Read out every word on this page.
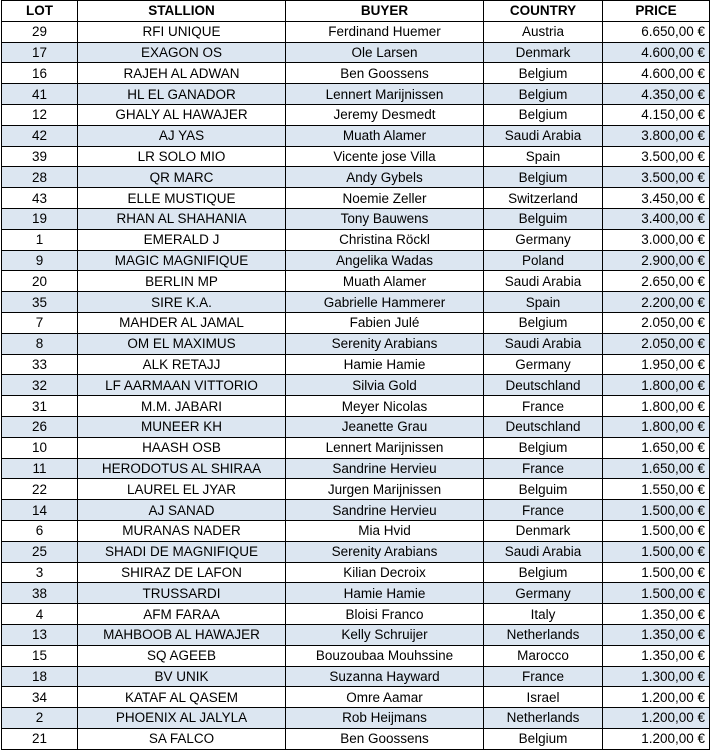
LOT	STALLION	BUYER	COUNTRY	PRICE
29	RFI UNIQUE	Ferdinand Huemer	Austria	6.650,00 €
17	EXAGON OS	Ole Larsen	Denmark	4.600,00 €
16	RAJEH AL ADWAN	Ben Goossens	Belgium	4.600,00 €
41	HL EL GANADOR	Lennert Marijnissen	Belgium	4.350,00 €
12	GHALY AL HAWAJER	Jeremy Desmedt	Belgium	4.150,00 €
42	AJ YAS	Muath Alamer	Saudi Arabia	3.800,00 €
39	LR SOLO MIO	Vicente jose Villa	Spain	3.500,00 €
28	QR MARC	Andy Gybels	Belgium	3.500,00 €
43	ELLE MUSTIQUE	Noemie Zeller	Switzerland	3.450,00 €
19	RHAN AL SHAHANIA	Tony Bauwens	Belguim	3.400,00 €
1	EMERALD J	Christina Röckl	Germany	3.000,00 €
9	MAGIC MAGNIFIQUE	Angelika Wadas	Poland	2.900,00 €
20	BERLIN MP	Muath Alamer	Saudi Arabia	2.650,00 €
35	SIRE K.A.	Gabrielle Hammerer	Spain	2.200,00 €
7	MAHDER AL JAMAL	Fabien Julé	Belgium	2.050,00 €
8	OM EL MAXIMUS	Serenity Arabians	Saudi Arabia	2.050,00 €
33	ALK RETAJJ	Hamie Hamie	Germany	1.950,00 €
32	LF AARMAAN VITTORIO	Silvia Gold	Deutschland	1.800,00 €
31	M.M. JABARI	Meyer Nicolas	France	1.800,00 €
26	MUNEER KH	Jeanette Grau	Deutschland	1.800,00 €
10	HAASH OSB	Lennert Marijnissen	Belgium	1.650,00 €
11	HERODOTUS AL SHIRAA	Sandrine Hervieu	France	1.650,00 €
22	LAUREL EL JYAR	Jurgen Marijnissen	Belguim	1.550,00 €
14	AJ SANAD	Sandrine Hervieu	France	1.500,00 €
6	MURANAS NADER	Mia Hvid	Denmark	1.500,00 €
25	SHADI DE MAGNIFIQUE	Serenity Arabians	Saudi Arabia	1.500,00 €
3	SHIRAZ DE LAFON	Kilian Decroix	Belgium	1.500,00 €
38	TRUSSARDI	Hamie Hamie	Germany	1.500,00 €
4	AFM FARAA	Bloisi Franco	Italy	1.350,00 €
13	MAHBOOB AL HAWAJER	Kelly Schruijer	Netherlands	1.350,00 €
15	SQ AGEEB	Bouzoubaa Mouhssine	Marocco	1.350,00 €
18	BV UNIK	Suzanna Hayward	France	1.300,00 €
34	KATAF AL QASEM	Omre Aamar	Israel	1.200,00 €
2	PHOENIX AL JALYLA	Rob Heijmans	Netherlands	1.200,00 €
21	SA FALCO	Ben Goossens	Belgium	1.200,00 €
